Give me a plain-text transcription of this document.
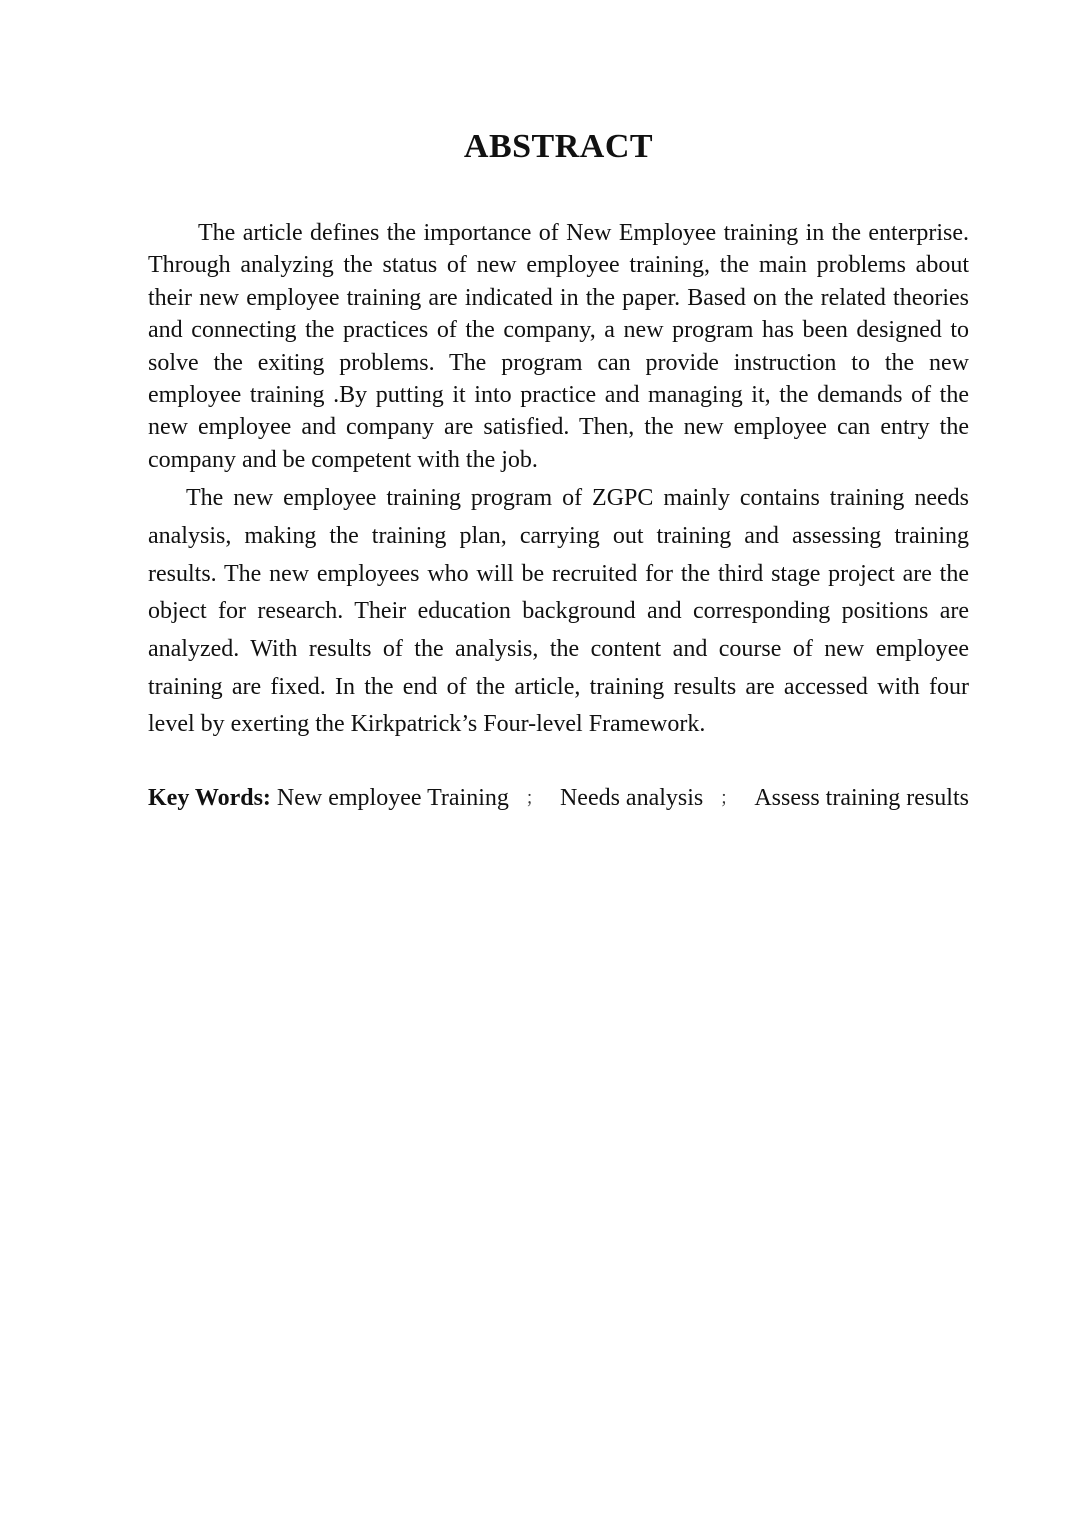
ABSTRACT

The article defines the importance of New Employee training in the enterprise. Through analyzing the status of new employee training, the main problems about their new employee training are indicated in the paper. Based on the related theories and connecting the practices of the company, a new program has been designed to solve the exiting problems. The program can provide instruction to the new employee training .By putting it into practice and managing it, the demands of the new employee and company are satisfied. Then, the new employee can entry the company and be competent with the job.

The new employee training program of ZGPC mainly contains training needs analysis, making the training plan, carrying out training and assessing training results. The new employees who will be recruited for the third stage project are the object for research. Their education background and corresponding positions are analyzed. With results of the analysis, the content and course of new employee training are fixed. In the end of the article, training results are accessed with four level by exerting the Kirkpatrick’s Four-level Framework.

Key Words: New employee Training ； Needs analysis ； Assess training results
